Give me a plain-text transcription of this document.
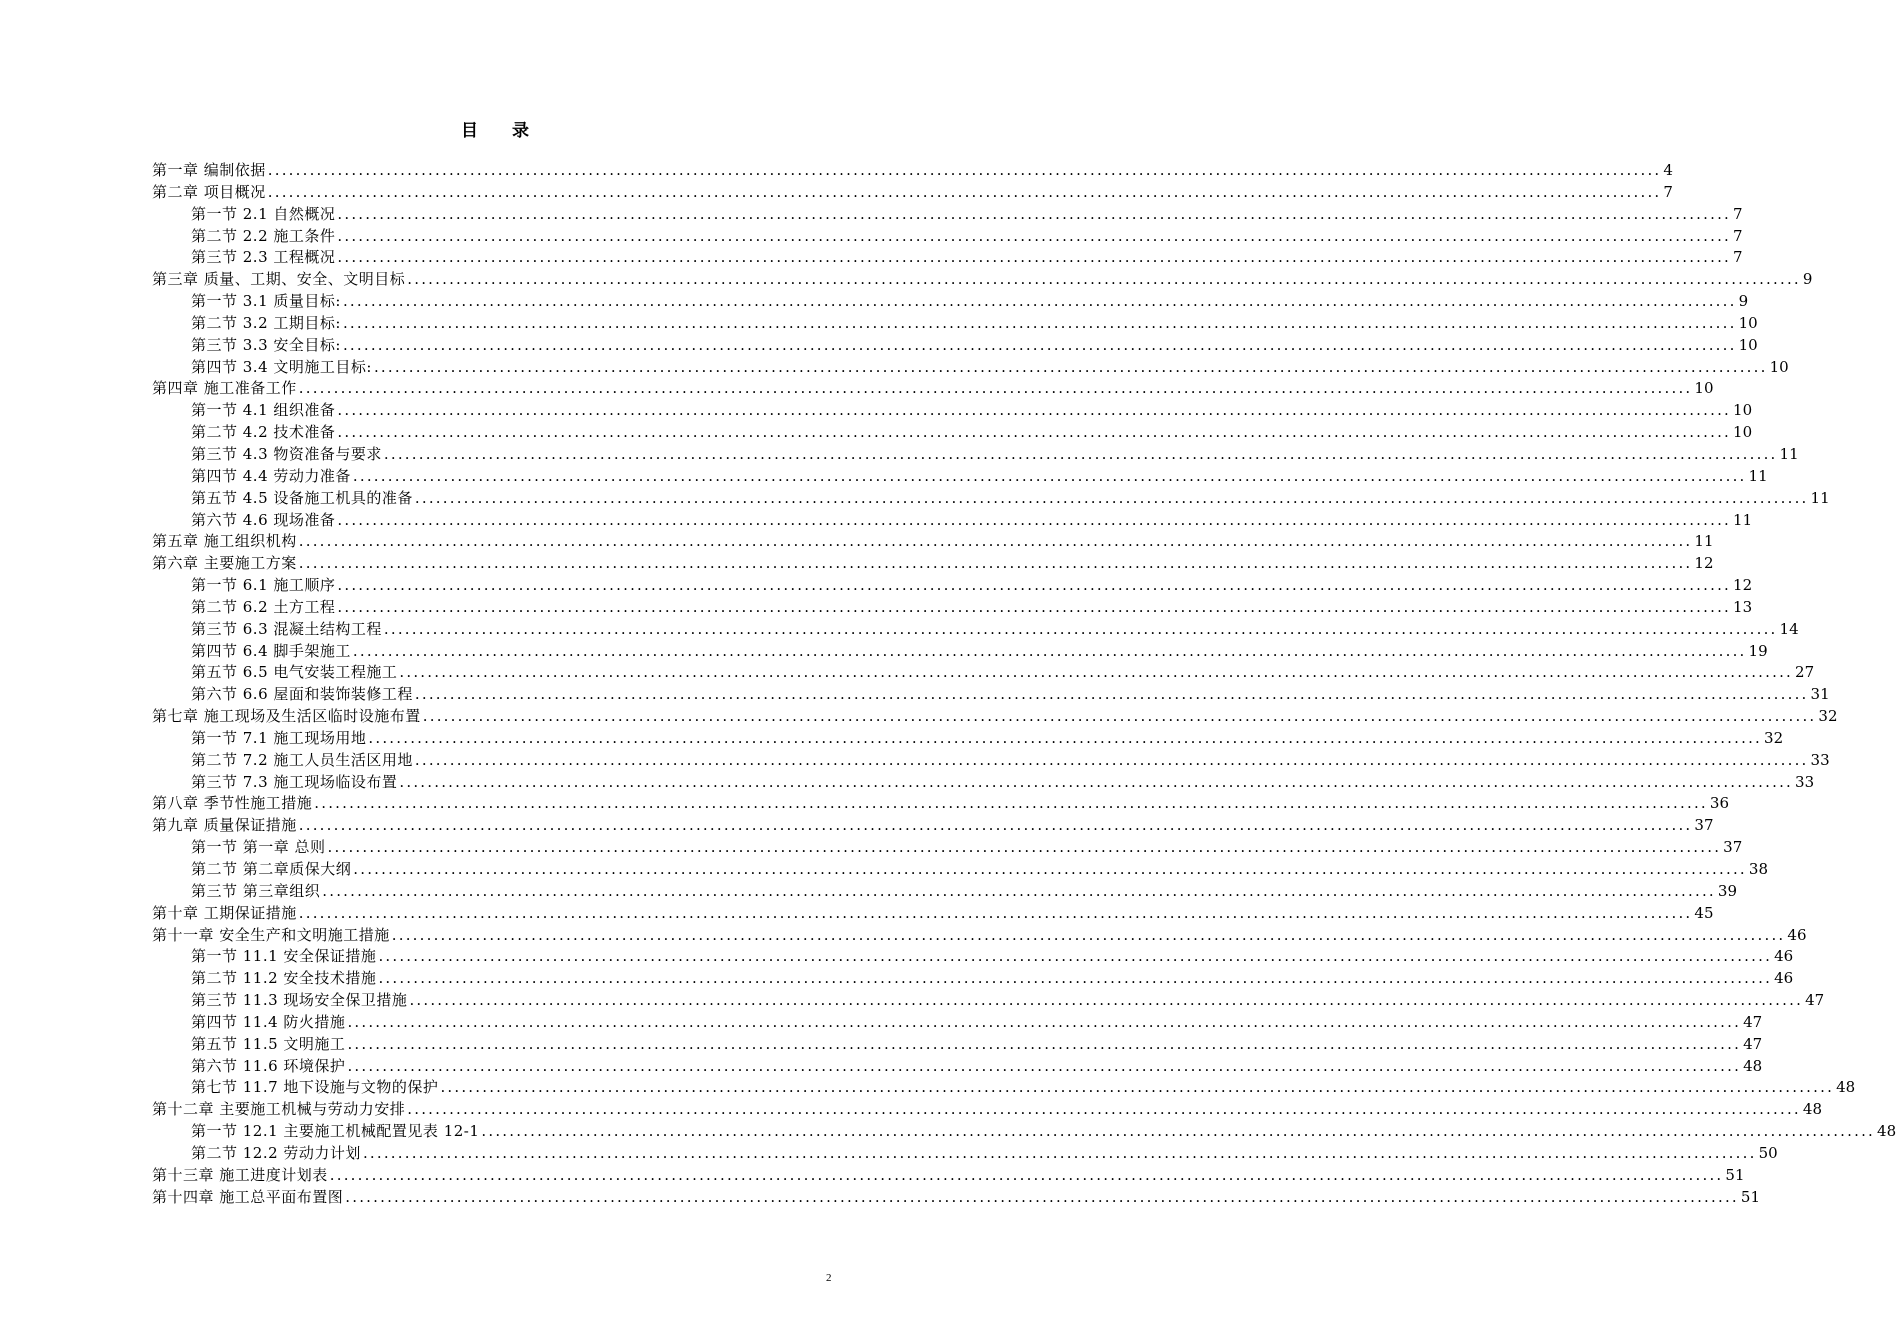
目　　录
第一章 编制依据 ........................................................................................................................................................................................................ 4
第二章 项目概况 ........................................................................................................................................................................................................ 7
第一节 2.1 自然概况 ........................................................................................................................................................................................................ 7
第二节 2.2 施工条件 ........................................................................................................................................................................................................ 7
第三节 2.3 工程概况 ........................................................................................................................................................................................................ 7
第三章 质量、工期、安全、文明目标 ........................................................................................................................................................................................................ 9
第一节 3.1 质量目标: ........................................................................................................................................................................................................ 9
第二节 3.2 工期目标: ........................................................................................................................................................................................................ 10
第三节 3.3 安全目标: ........................................................................................................................................................................................................ 10
第四节 3.4 文明施工目标: ........................................................................................................................................................................................................ 10
第四章 施工准备工作 ........................................................................................................................................................................................................ 10
第一节 4.1 组织准备 ........................................................................................................................................................................................................ 10
第二节 4.2 技术准备 ........................................................................................................................................................................................................ 10
第三节 4.3 物资准备与要求 ........................................................................................................................................................................................................ 11
第四节 4.4 劳动力准备 ........................................................................................................................................................................................................ 11
第五节 4.5 设备施工机具的准备 ........................................................................................................................................................................................................ 11
第六节 4.6 现场准备 ........................................................................................................................................................................................................ 11
第五章 施工组织机构 ........................................................................................................................................................................................................ 11
第六章 主要施工方案 ........................................................................................................................................................................................................ 12
第一节 6.1 施工顺序 ........................................................................................................................................................................................................ 12
第二节 6.2 土方工程 ........................................................................................................................................................................................................ 13
第三节 6.3 混凝土结构工程 ........................................................................................................................................................................................................ 14
第四节 6.4 脚手架施工 ........................................................................................................................................................................................................ 19
第五节 6.5 电气安装工程施工 ........................................................................................................................................................................................................ 27
第六节 6.6 屋面和装饰装修工程 ........................................................................................................................................................................................................ 31
第七章 施工现场及生活区临时设施布置 ........................................................................................................................................................................................................ 32
第一节 7.1 施工现场用地 ........................................................................................................................................................................................................ 32
第二节 7.2 施工人员生活区用地 ........................................................................................................................................................................................................ 33
第三节 7.3 施工现场临设布置 ........................................................................................................................................................................................................ 33
第八章 季节性施工措施 ........................................................................................................................................................................................................ 36
第九章 质量保证措施 ........................................................................................................................................................................................................ 37
第一节 第一章 总则 ........................................................................................................................................................................................................ 37
第二节 第二章质保大纲 ........................................................................................................................................................................................................ 38
第三节 第三章组织 ........................................................................................................................................................................................................ 39
第十章 工期保证措施 ........................................................................................................................................................................................................ 45
第十一章 安全生产和文明施工措施 ........................................................................................................................................................................................................ 46
第一节 11.1 安全保证措施 ........................................................................................................................................................................................................ 46
第二节 11.2 安全技术措施 ........................................................................................................................................................................................................ 46
第三节 11.3 现场安全保卫措施 ........................................................................................................................................................................................................ 47
第四节 11.4 防火措施 ........................................................................................................................................................................................................ 47
第五节 11.5 文明施工 ........................................................................................................................................................................................................ 47
第六节 11.6 环境保护 ........................................................................................................................................................................................................ 48
第七节 11.7 地下设施与文物的保护 ........................................................................................................................................................................................................ 48
第十二章 主要施工机械与劳动力安排 ........................................................................................................................................................................................................ 48
第一节 12.1 主要施工机械配置见表 12-1 ........................................................................................................................................................................................................ 48
第二节 12.2 劳动力计划 ........................................................................................................................................................................................................ 50
第十三章 施工进度计划表 ........................................................................................................................................................................................................ 51
第十四章 施工总平面布置图 ........................................................................................................................................................................................................ 51
2
